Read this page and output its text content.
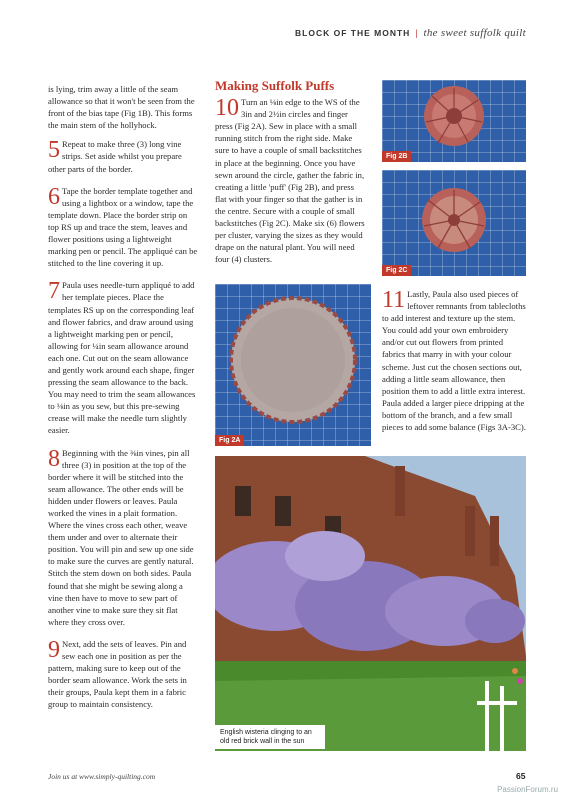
BLOCK OF THE MONTH | the sweet suffolk quilt

is lying, trim away a little of the seam allowance so that it won't be seen from the front of the bias tape (Fig 1B). This forms the main stem of the hollyhock.

5 Repeat to make three (3) long vine strips. Set aside whilst you prepare other parts of the border.
6 Tape the border template together and using a lightbox or a window, tape the template down. Place the border strip on top RS up and trace the stem, leaves and flower positions using a lightweight marking pen or pencil. The appliqué can be stitched to the line covering it up.
7 Paula uses needle-turn appliqué to add her template pieces. Place the templates RS up on the corresponding leaf and flower fabrics, and draw around using a lightweight marking pen or pencil, allowing for ¼in seam allowance around each one. Cut out on the seam allowance and gently work around each shape, finger pressing the seam allowance to the back. You may need to trim the seam allowances to ⅛in as you sew, but this pre-sewing crease will make the needle turn slightly easier.
8 Beginning with the ⅜in vines, pin all three (3) in position at the top of the border where it will be stitched into the seam allowance. The other ends will be hidden under flowers or leaves. Paula worked the vines in a plait formation. Where the vines cross each other, weave them under and over to alternate their position. You will pin and sew up one side to make sure the curves are gently natural. Stitch the stem down on both sides. Paula found that she might be sewing along a vine then have to move to sew part of another vine to make sure they sit flat where they cross over.
9 Next, add the sets of leaves. Pin and sew each one in position as per the pattern, making sure to keep out of the border seam allowance. Work the sets in their groups, Paula kept them in a fabric group to maintain consistency.
Making Suffolk Puffs
10 Turn an ⅛in edge to the WS of the 3in and 2½in circles and finger press (Fig 2A). Sew in place with a small running stitch from the right side. Make sure to have a couple of small backstitches in place at the beginning. Once you have sewn around the circle, gather the fabric in, creating a little 'puff' (Fig 2B), and press flat with your finger so that the gather is in the centre. Secure with a couple of small backstitches (Fig 2C). Make six (6) flowers per cluster, varying the sizes as they would drape on the natural plant. You will need four (4) clusters.
Fig 2B
Fig 2C
Fig 2A
11 Lastly, Paula also used pieces of leftover remnants from tablecloths to add interest and texture up the stem. You could add your own embroidery and/or cut out flowers from printed fabrics that marry in with your colour scheme. Just cut the chosen sections out, adding a little seam allowance, then position them to add a little extra interest. Paula added a larger piece dripping at the bottom of the branch, and a few small pieces to add some balance (Figs 3A-3C).
English wisteria clinging to an old red brick wall in the sun
Join us at www.simply-quilting.com	65
PassionForum.ru
